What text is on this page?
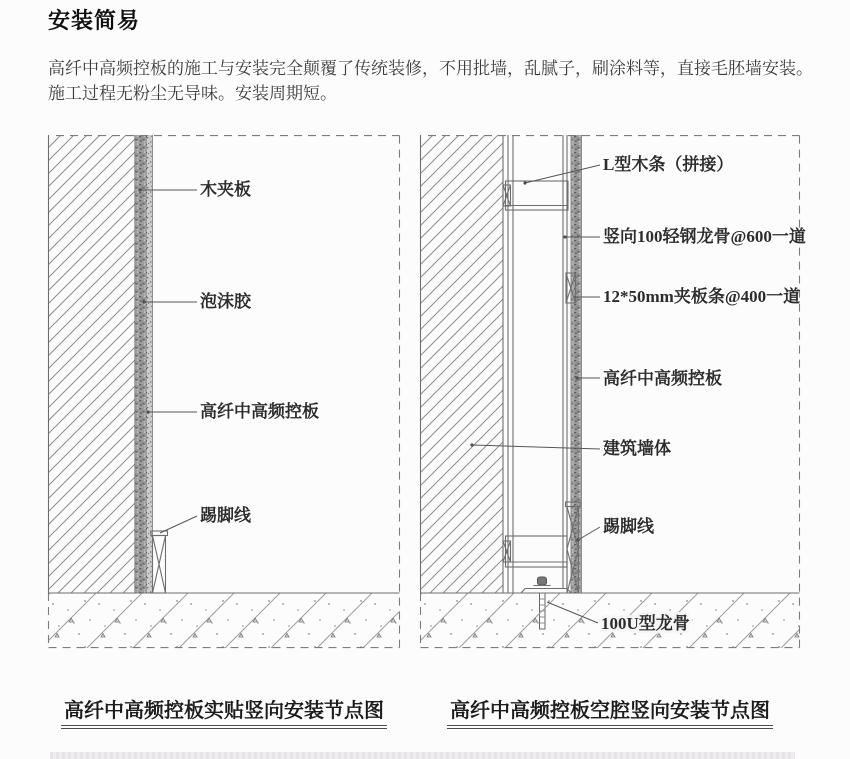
安装简易

高纤中高频控板的施工与安装完全颠覆了传统装修，不用批墙，乱腻子，刷涂料等，直接毛胚墙安装。施工过程无粉尘无导味。安装周期短。

木夹板
泡沫胶
高纤中高频控板
踢脚线
L型木条（拼接）
竖向100轻钢龙骨@600一道
12*50mm夹板条@400一道
高纤中高频控板
建筑墙体
踢脚线
100U型龙骨
高纤中高频控板实贴竖向安装节点图	高纤中高频控板空腔竖向安装节点图
